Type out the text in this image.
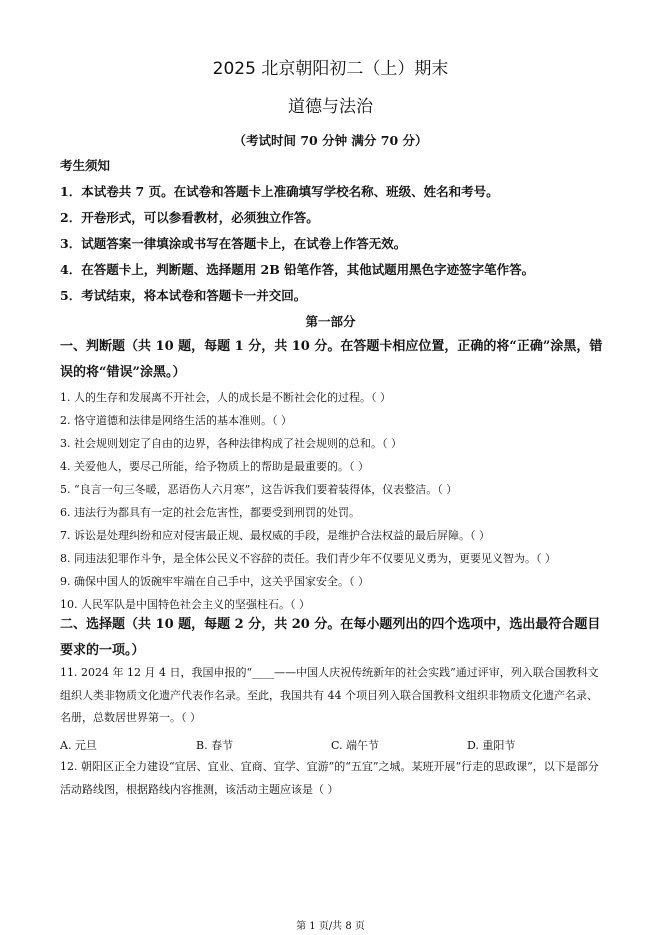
2025 北京朝阳初二（上）期末
道德与法治
（考试时间 70 分钟 满分 70 分）
考生须知
1．本试卷共 7 页。在试卷和答题卡上准确填写学校名称、班级、姓名和考号。
2．开卷形式，可以参看教材，必须独立作答。
3．试题答案一律填涂或书写在答题卡上，在试卷上作答无效。
4．在答题卡上，判断题、选择题用 2B 铅笔作答，其他试题用黑色字迹签字笔作答。
5．考试结束，将本试卷和答题卡一并交回。
第一部分
一、判断题（共 10 题，每题 1 分，共 10 分。在答题卡相应位置，正确的将“正确”涂黑，错误的将“错误”涂黑。）
1. 人的生存和发展离不开社会，人的成长是不断社会化的过程。（ ）
2. 恪守道德和法律是网络生活的基本准则。（ ）
3. 社会规则划定了自由的边界，各种法律构成了社会规则的总和。（ ）
4. 关爱他人，要尽己所能，给予物质上的帮助是最重要的。（ ）
5. “良言一句三冬暖，恶语伤人六月寒”，这告诉我们要着装得体，仪表整洁。（ ）
6. 违法行为都具有一定的社会危害性，都要受到刑罚的处罚。
7. 诉讼是处理纠纷和应对侵害最正规、最权威的手段，是维护合法权益的最后屏障。（ ）
8. 同违法犯罪作斗争，是全体公民义不容辞的责任。我们青少年不仅要见义勇为，更要见义智为。（ ）
9. 确保中国人的饭碗牢牢端在自己手中，这关乎国家安全。（ ）
10. 人民军队是中国特色社会主义的坚强柱石。（ ）
二、选择题（共 10 题，每题 2 分，共 20 分。在每小题列出的四个选项中，选出最符合题目要求的一项。）
11. 2024 年 12 月 4 日，我国申报的“____——中国人庆祝传统新年的社会实践”通过评审，列入联合国教科文组织人类非物质文化遗产代表作名录。至此，我国共有 44 个项目列入联合国教科文组织非物质文化遗产名录、名册，总数居世界第一。（ ）
A. 元旦	B. 春节	C. 端午节	D. 重阳节
12. 朝阳区正全力建设“宜居、宜业、宜商、宜学、宜游”的“五宜”之城。某班开展“行走的思政课”，以下是部分活动路线图，根据路线内容推测，该活动主题应该是（ ）
第 1 页/共 8 页
